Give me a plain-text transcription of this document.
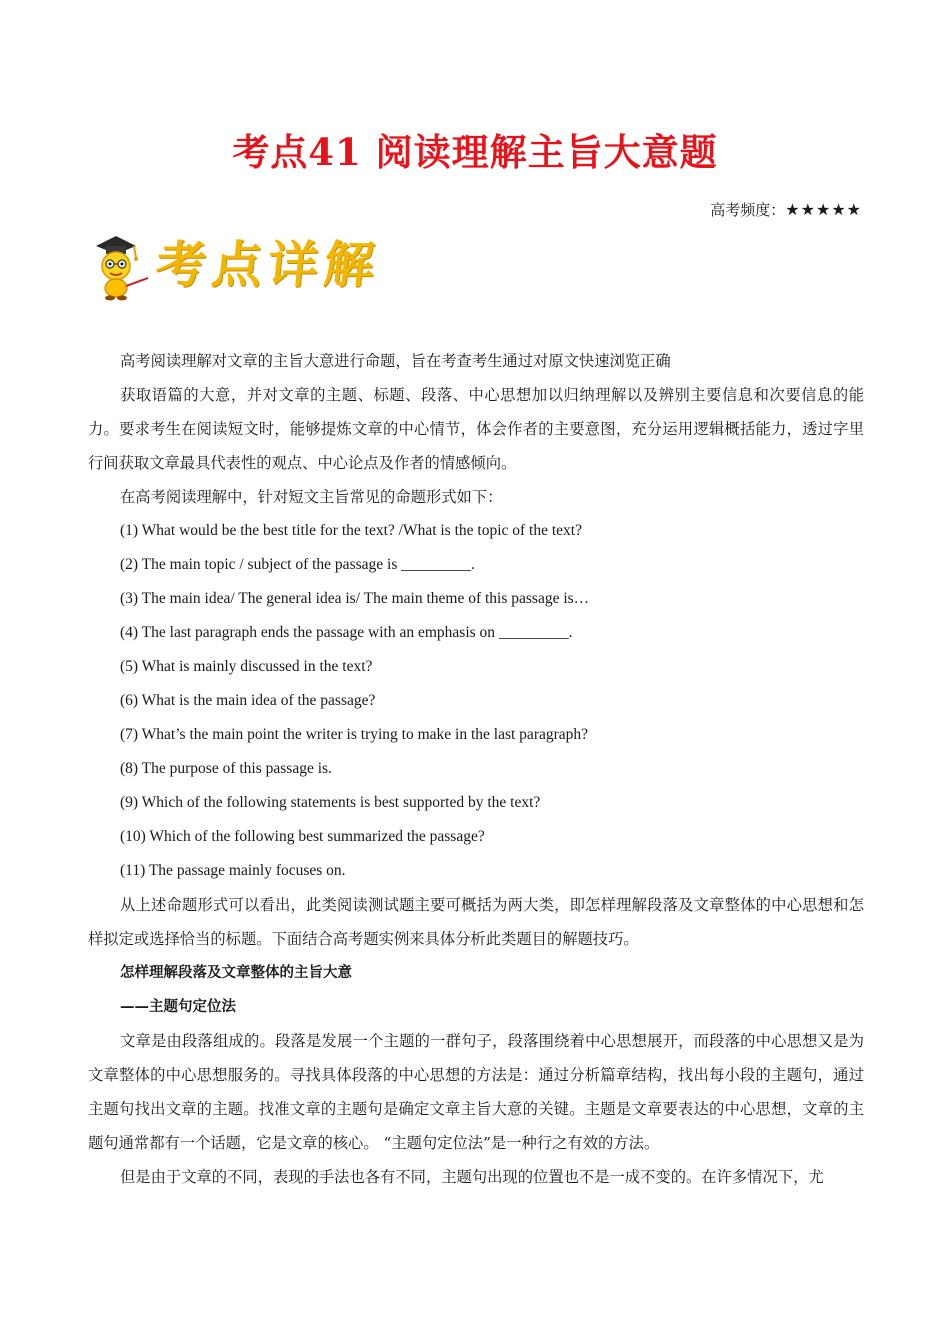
考点41 阅读理解主旨大意题
高考频度：★★★★★
考点详解

高考阅读理解对文章的主旨大意进行命题，旨在考查考生通过对原文快速浏览正确

获取语篇的大意，并对文章的主题、标题、段落、中心思想加以归纳理解以及辨别主要信息和次要信息的能力。要求考生在阅读短文时，能够提炼文章的中心情节，体会作者的主要意图，充分运用逻辑概括能力，透过字里行间获取文章最具代表性的观点、中心论点及作者的情感倾向。

在高考阅读理解中，针对短文主旨常见的命题形式如下：

(1) What would be the best title for the text? /What is the topic of the text?

(2) The main topic / subject of the passage is _________.

(3) The main idea/ The general idea is/ The main theme of this passage is…

(4) The last paragraph ends the passage with an emphasis on _________.

(5) What is mainly discussed in the text?

(6) What is the main idea of the passage?

(7) What’s the main point the writer is trying to make in the last paragraph?

(8) The purpose of this passage is.

(9) Which of the following statements is best supported by the text?

(10) Which of the following best summarized the passage?

(11) The passage mainly focuses on.

从上述命题形式可以看出，此类阅读测试题主要可概括为两大类，即怎样理解段落及文章整体的中心思想和怎样拟定或选择恰当的标题。下面结合高考题实例来具体分析此类题目的解题技巧。

怎样理解段落及文章整体的主旨大意

——主题句定位法

文章是由段落组成的。段落是发展一个主题的一群句子，段落围绕着中心思想展开，而段落的中心思想又是为文章整体的中心思想服务的。寻找具体段落的中心思想的方法是：通过分析篇章结构，找出每小段的主题句，通过主题句找出文章的主题。找准文章的主题句是确定文章主旨大意的关键。主题是文章要表达的中心思想，文章的主题句通常都有一个话题，它是文章的核心。 “主题句定位法”是一种行之有效的方法。

但是由于文章的不同，表现的手法也各有不同，主题句出现的位置也不是一成不变的。在许多情况下，尤
